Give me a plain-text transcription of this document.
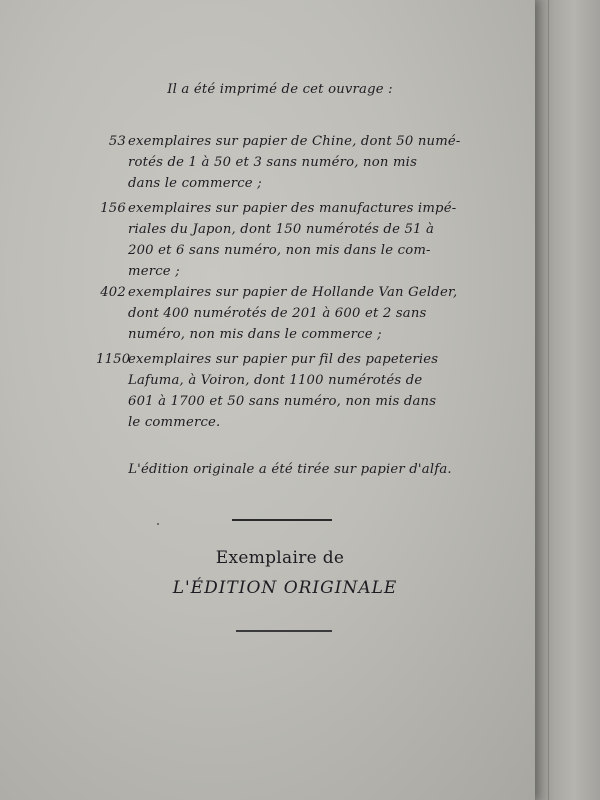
Il a été imprimé de cet ouvrage :
53 exemplaires sur papier de Chine, dont 50 numé-
rotés de 1 à 50 et 3 sans numéro, non mis
dans le commerce ;
156 exemplaires sur papier des manufactures impé-
riales du Japon, dont 150 numérotés de 51 à
200 et 6 sans numéro, non mis dans le com-
merce ;
402 exemplaires sur papier de Hollande Van Gelder,
dont 400 numérotés de 201 à 600 et 2 sans
numéro, non mis dans le commerce ;
1150
exemplaires sur papier pur fil des papeteries
Lafuma, à Voiron, dont 1100 numérotés de
601 à 1700 et 50 sans numéro, non mis dans
le commerce.
L'édition originale a été tirée sur papier d'alfa.
Exemplaire de
L'ÉDITION ORIGINALE
